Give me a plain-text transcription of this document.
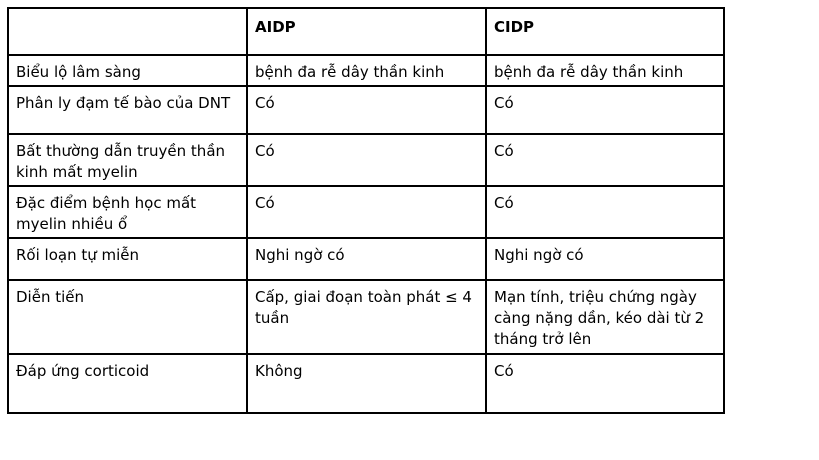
	AIDP	CIDP
Biểu lộ lâm sàng	bệnh đa rễ dây thần kinh	bệnh đa rễ dây thần kinh
Phân ly đạm tế bào của DNT	Có	Có
Bất thường dẫn truyền thần kinh mất myelin	Có	Có
Đặc điểm bệnh học mất myelin nhiều ổ	Có	Có
Rối loạn tự miễn	Nghi ngờ có	Nghi ngờ có
Diễn tiến	Cấp, giai đoạn toàn phát ≤ 4 tuần	Mạn tính, triệu chứng ngày càng nặng dần, kéo dài từ 2 tháng trở lên
Đáp ứng corticoid	Không	Có
